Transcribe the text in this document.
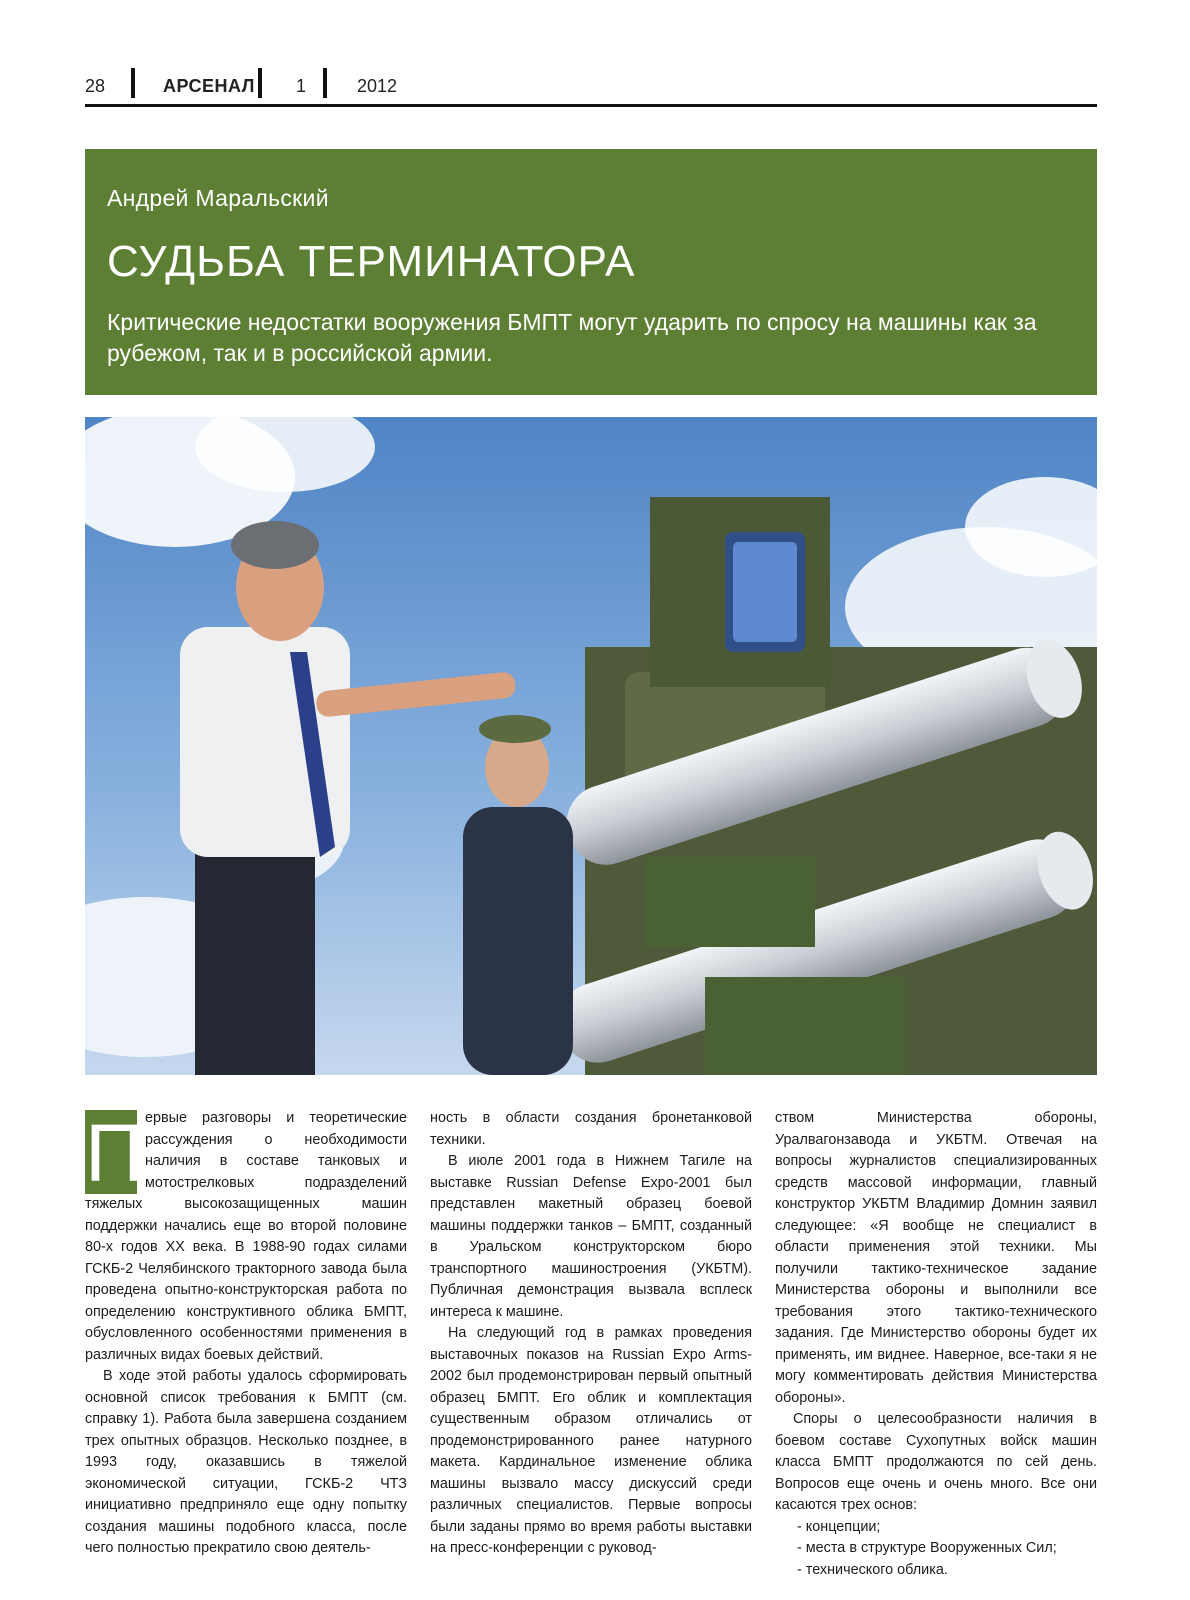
28	АРСЕНАЛ 1	2012
Андрей Маральский
СУДЬБА ТЕРМИНАТОРА
Критические недостатки вооружения БМПТ могут ударить по спросу на машины как за рубежом, так и в российской армии.

П ервые разговоры и теоретические рассуждения о необходимости наличия в составе танковых и мотострелковых подразделений тяжелых высокозащищенных машин поддержки начались еще во второй половине 80-х годов XX века. В 1988-90 годах силами ГСКБ-2 Челябинского тракторного завода была проведена опытно-конструкторская работа по определению конструктивного облика БМПТ, обусловленного особенностями применения в различных видах боевых действий.

В ходе этой работы удалось сформировать основной список требования к БМПТ (см. справку 1). Работа была завершена созданием трех опытных образцов. Несколько позднее, в 1993 году, оказавшись в тяжелой экономической ситуации, ГСКБ-2 ЧТЗ инициативно предприняло еще одну попытку создания машины подобного класса, после чего полностью прекратило свою деятель-

ность в области создания бронетанковой техники.

В июле 2001 года в Нижнем Тагиле на выставке Russian Defense Expo-2001 был представлен макетный образец боевой машины поддержки танков – БМПТ, созданный в Уральском конструкторском бюро транспортного машиностроения (УКБТМ). Публичная демонстрация вызвала всплеск интереса к машине.

На следующий год в рамках проведения выставочных показов на Russian Expo Arms-2002 был продемонстрирован первый опытный образец БМПТ. Его облик и комплектация существенным образом отличались от продемонстрированного ранее натурного макета. Кардинальное изменение облика машины вызвало массу дискуссий среди различных специалистов. Первые вопросы были заданы прямо во время работы выставки на пресс-конференции с руковод-

ством Министерства обороны, Уралвагонзавода и УКБТМ. Отвечая на вопросы журналистов специализированных средств массовой информации, главный конструктор УКБТМ Владимир Домнин заявил следующее: «Я вообще не специалист в области применения этой техники. Мы получили тактико-техническое задание Министерства обороны и выполнили все требования этого тактико-технического задания. Где Министерство обороны будет их применять, им виднее. Наверное, все-таки я не могу комментировать действия Министерства обороны».

Споры о целесообразности наличия в боевом составе Сухопутных войск машин класса БМПТ продолжаются по сей день. Вопросов еще очень и очень много. Все они касаются трех основ:

- концепции;
- места в структуре Вооруженных Сил;
- технического облика.
